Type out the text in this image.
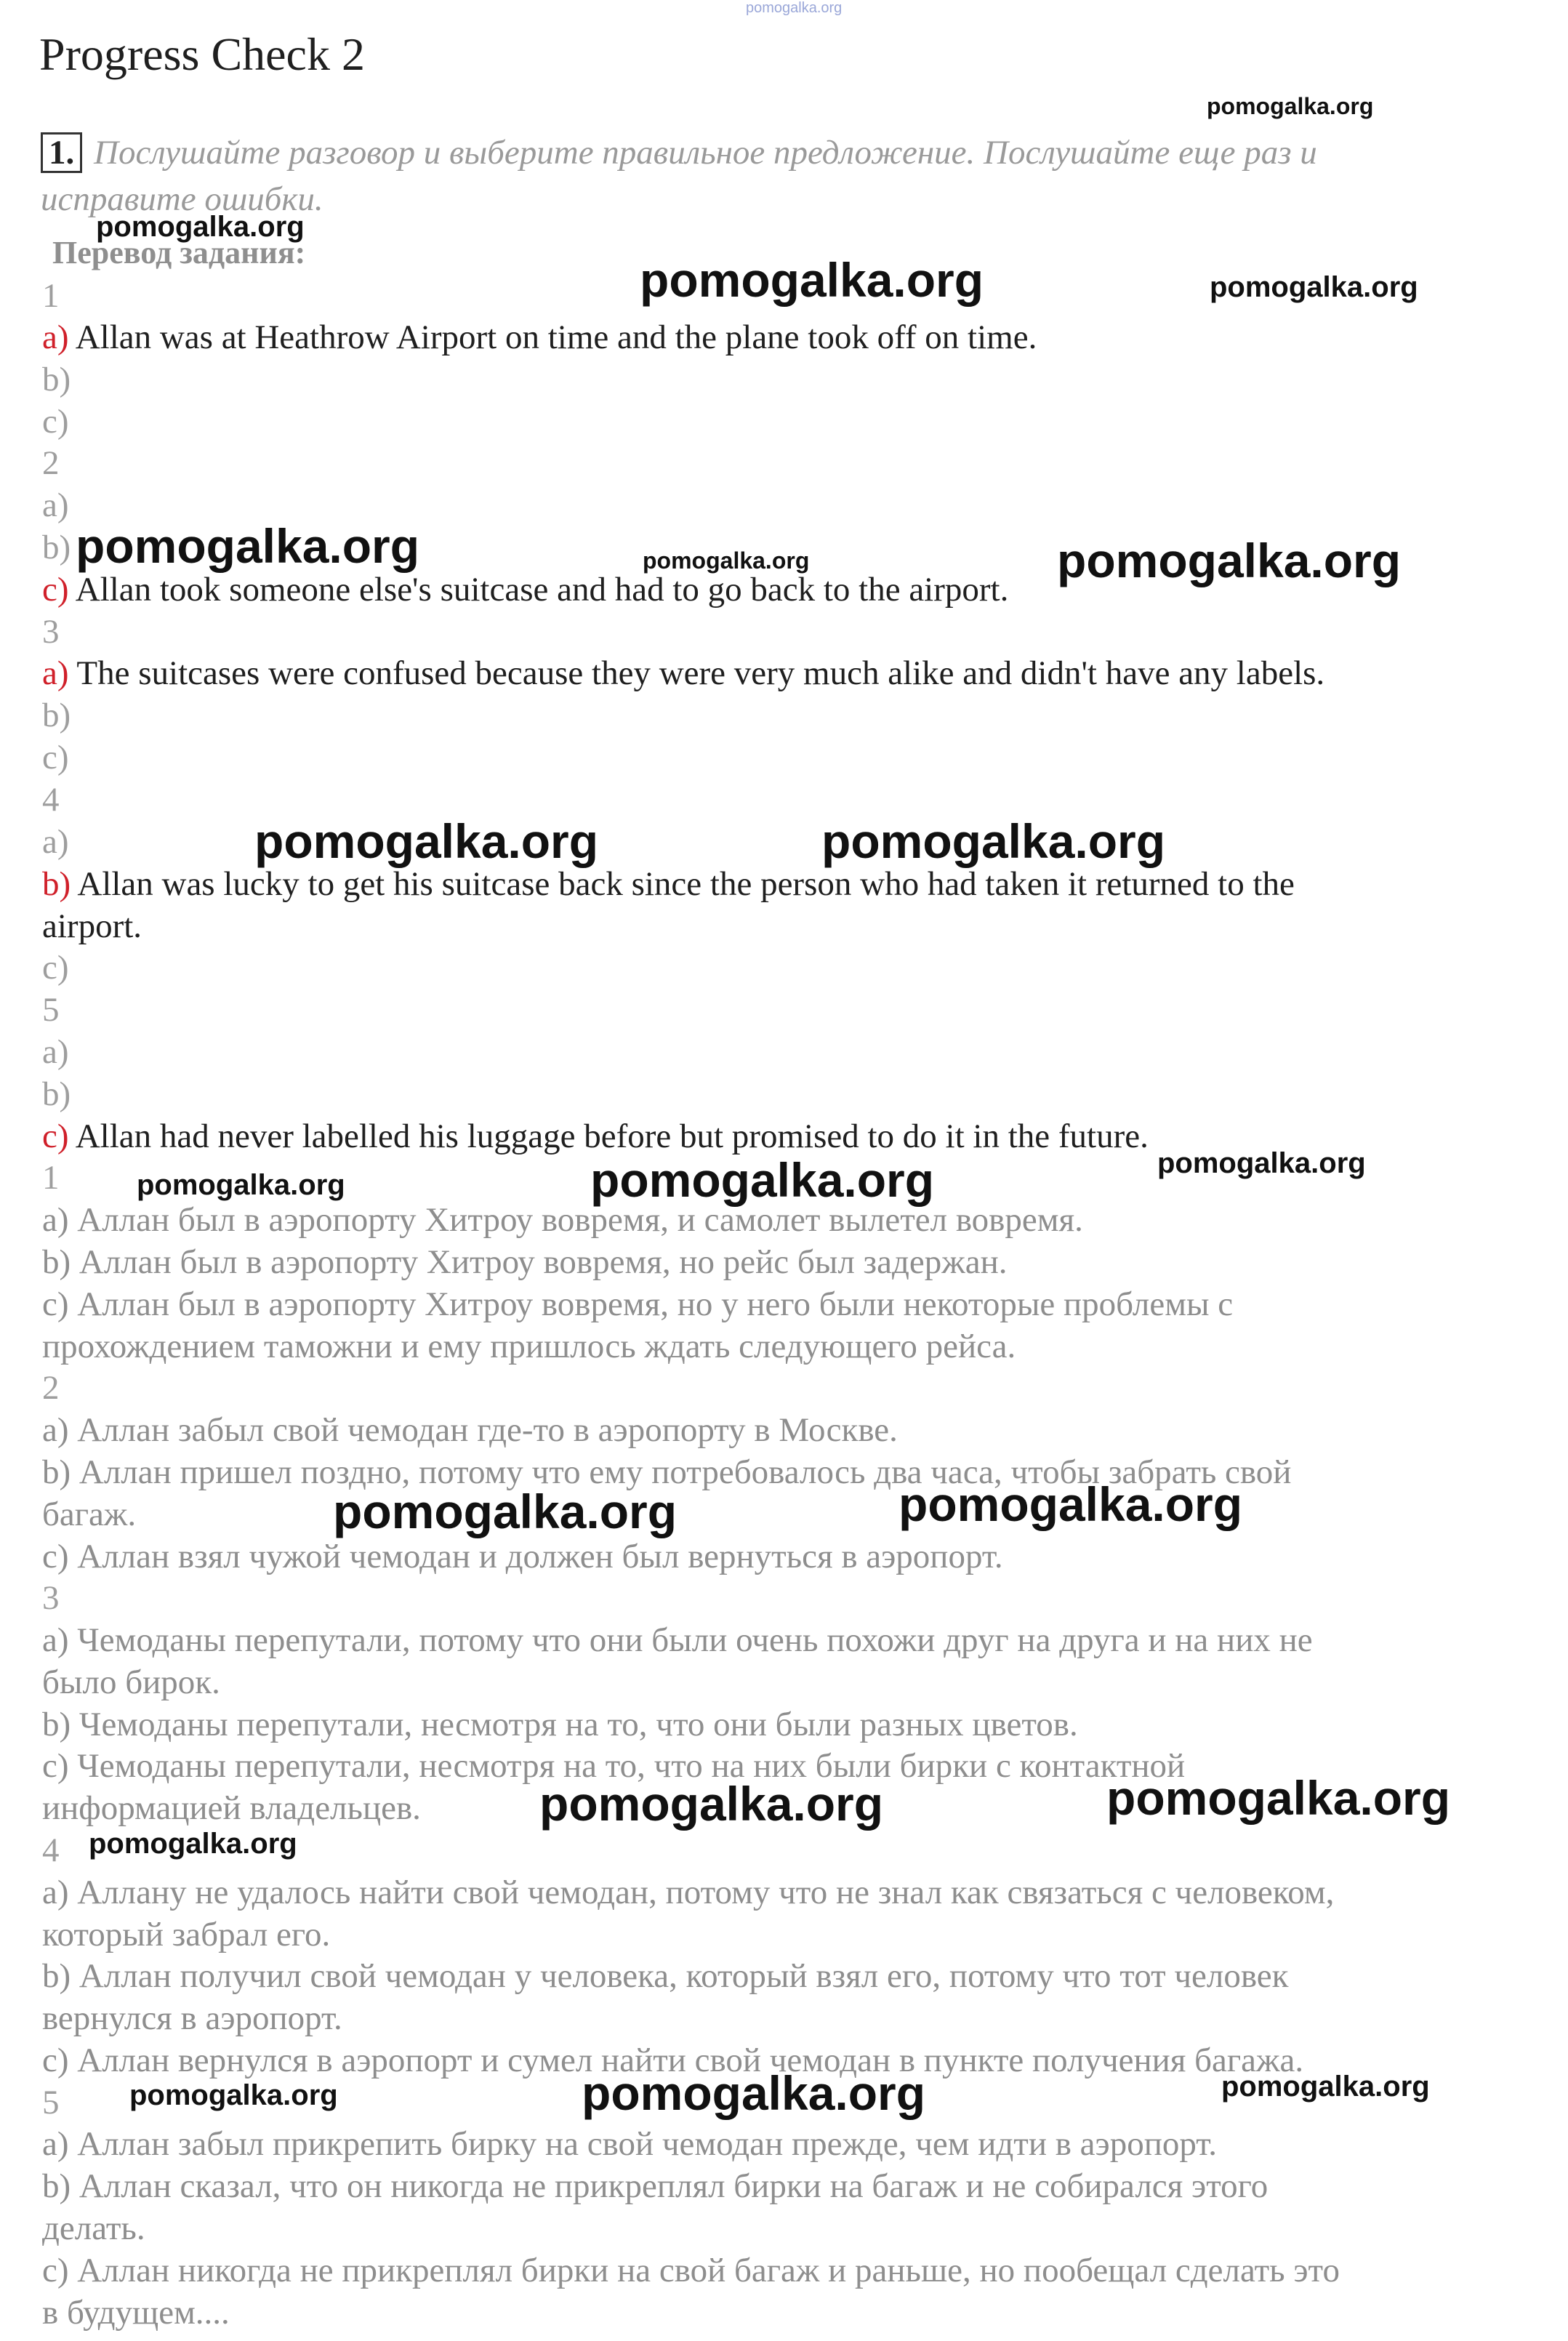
pomogalka.org
Progress Check 2
1. Послушайте разговор и выберите правильное предложение. Послушайте еще раз и
исправите ошибки.
Перевод задания:
1
a) Allan was at Heathrow Airport on time and the plane took off on time.
b)
c)
2
a)
b)
c) Allan took someone else's suitcase and had to go back to the airport.
3
a) The suitcases were confused because they were very much alike and didn't have any labels.
b)
c)
4
a)
b) Allan was lucky to get his suitcase back since the person who had taken it returned to the
airport.
c)
5
a)
b)
c) Allan had never labelled his luggage before but promised to do it in the future.
1
a) Аллан был в аэропорту Хитроу вовремя, и самолет вылетел вовремя.
b) Аллан был в аэропорту Хитроу вовремя, но рейс был задержан.
c) Аллан был в аэропорту Хитроу вовремя, но у него были некоторые проблемы с
прохождением таможни и ему пришлось ждать следующего рейса.
2
a) Аллан забыл свой чемодан где-то в аэропорту в Москве.
b) Аллан пришел поздно, потому что ему потребовалось два часа, чтобы забрать свой
багаж.
c) Аллан взял чужой чемодан и должен был вернуться в аэропорт.
3
a) Чемоданы перепутали, потому что они были очень похожи друг на друга и на них не
было бирок.
b) Чемоданы перепутали, несмотря на то, что они были разных цветов.
c) Чемоданы перепутали, несмотря на то, что на них были бирки с контактной
информацией владельцев.
4
a) Аллану не удалось найти свой чемодан, потому что не знал как связаться с человеком,
который забрал его.
b) Аллан получил свой чемодан у человека, который взял его, потому что тот человек
вернулся в аэропорт.
c) Аллан вернулся в аэропорт и сумел найти свой чемодан в пункте получения багажа.
5
a) Аллан забыл прикрепить бирку на свой чемодан прежде, чем идти в аэропорт.
b) Аллан сказал, что он никогда не прикреплял бирки на багаж и не собирался этого
делать.
c) Аллан никогда не прикреплял бирки на свой багаж и раньше, но пообещал сделать это
в будущем....
pomogalka.org
pomogalka.org
pomogalka.org	pomogalka.org
pomogalka.org	pomogalka.org	pomogalka.org
pomogalka.org	pomogalka.org
pomogalka.org	pomogalka.org	pomogalka.org
pomogalka.org	pomogalka.org
pomogalka.org	pomogalka.org
pomogalka.org
pomogalka.org	pomogalka.org	pomogalka.org
